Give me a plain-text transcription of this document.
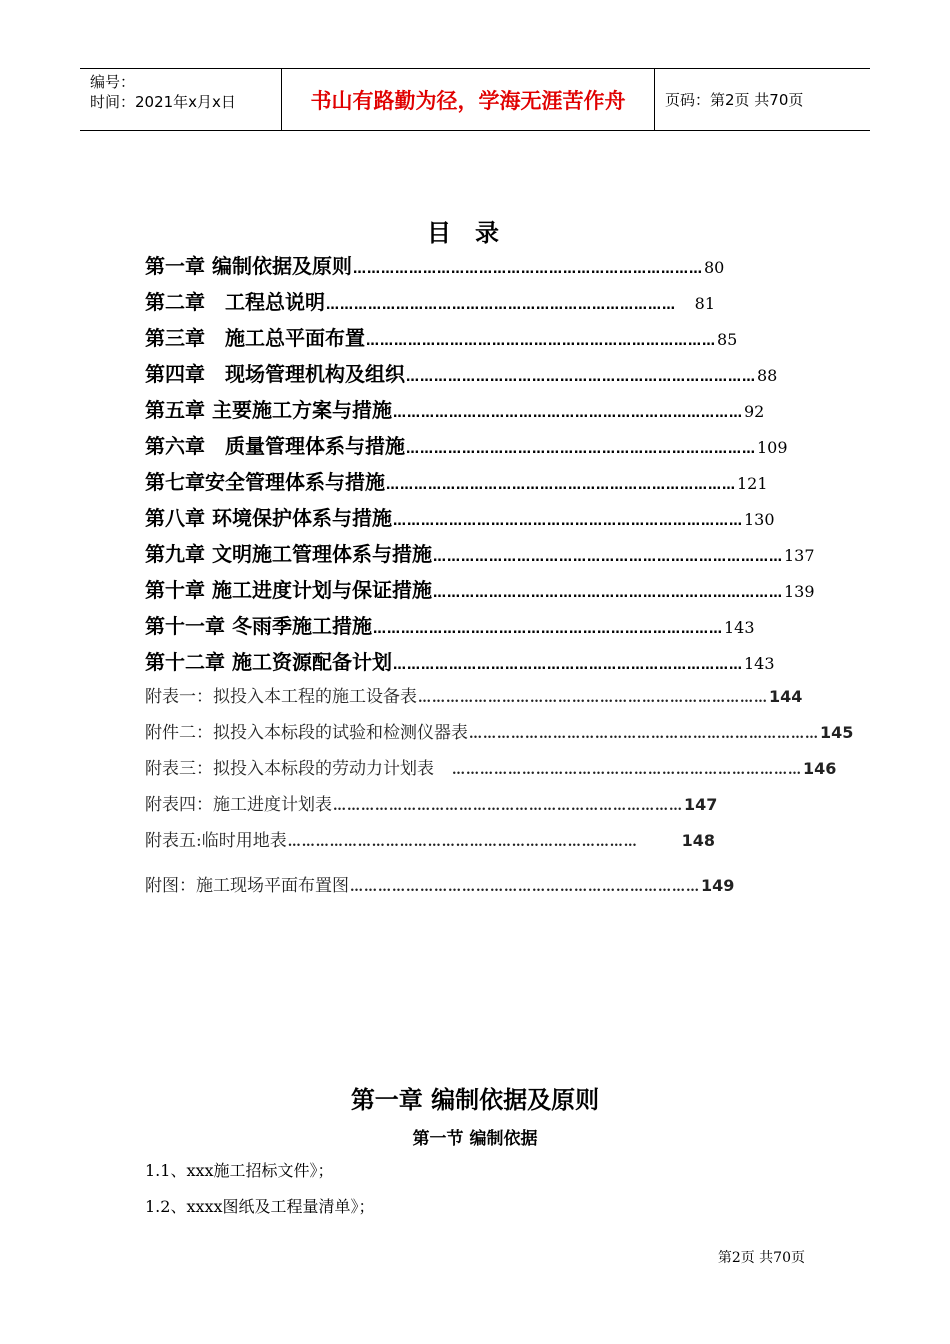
编号：
时间：2021年x月x日	书山有路勤为径，学海无涯苦作舟	页码：第2页 共70页
目录
第一章 编制依据及原则 ………………………………………………………………… 80
第二章　工程总说明 …………………………………………………………………	81
第三章　施工总平面布置 ………………………………………………………………… 85
第四章　现场管理机构及组织 ………………………………………………………………… 88
第五章 主要施工方案与措施 ………………………………………………………………… 92
第六章　质量管理体系与措施 ………………………………………………………………… 109
第七章安全管理体系与措施 ………………………………………………………………… 121
第八章 环境保护体系与措施 ………………………………………………………………… 130
第九章 文明施工管理体系与措施 ………………………………………………………………… 137
第十章 施工进度计划与保证措施 ………………………………………………………………… 139
第十一章 冬雨季施工措施 ………………………………………………………………… 143
第十二章 施工资源配备计划 ………………………………………………………………… 143
附表一：拟投入本工程的施工设备表 ………………………………………………………………… 144
附件二：拟投入本标段的试验和检测仪器表 ………………………………………………………………… 145
附表三：拟投入本标段的劳动力计划表　 ………………………………………………………………… 146
附表四：施工进度计划表 ………………………………………………………………… 147
附表五:临时用地表 …………………………………………………………………	148
附图：施工现场平面布置图 ………………………………………………………………… 149
第一章 编制依据及原则
第一节 编制依据
1.1、xxx施工招标文件》；
1.2、xxxx图纸及工程量清单》；
第2页 共70页
